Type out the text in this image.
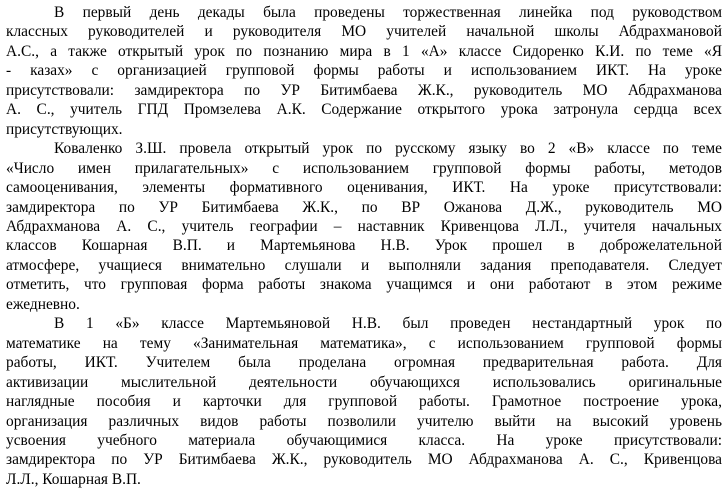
В первый день декады была проведены торжественная линейка под руководством
классных руководителей и руководителя МО учителей начальной школы Абдрахмановой
А.С., а также открытый урок по познанию мира в 1 «А» классе Сидоренко К.И. по теме «Я
- казах» с организацией групповой формы работы и использованием ИКТ. На уроке
присутствовали: замдиректора по УР Битимбаева Ж.К., руководитель МО Абдрахманова
А. С., учитель ГПД Промзелева А.К. Содержание открытого урока затронула сердца всех
присутствующих.
Коваленко З.Ш. провела открытый урок по русскому языку во 2 «В» классе по теме
«Число имен прилагательных» с использованием групповой формы работы, методов
самооценивания, элементы формативного оценивания, ИКТ. На уроке присутствовали:
замдиректора по УР Битимбаева Ж.К., по ВР Ожанова Д.Ж., руководитель МО
Абдрахманова А. С., учитель географии – наставник Кривенцова Л.Л., учителя начальных
классов Кошарная В.П. и Мартемьянова Н.В. Урок прошел в доброжелательной
атмосфере, учащиеся внимательно слушали и выполняли задания преподавателя. Следует
отметить, что групповая форма работы знакома учащимся и они работают в этом режиме
ежедневно.
В 1 «Б» классе Мартемьяновой Н.В. был проведен нестандартный урок по
математике на тему «Занимательная математика», с использованием групповой формы
работы, ИКТ. Учителем была проделана огромная предварительная работа. Для
активизации мыслительной деятельности обучающихся использовались оригинальные
наглядные пособия и карточки для групповой работы. Грамотное построение урока,
организация различных видов работы позволили учителю выйти на высокий уровень
усвоения учебного материала обучающимися класса. На уроке присутствовали:
замдиректора по УР Битимбаева Ж.К., руководитель МО Абдрахманова А. С., Кривенцова
Л.Л., Кошарная В.П.
